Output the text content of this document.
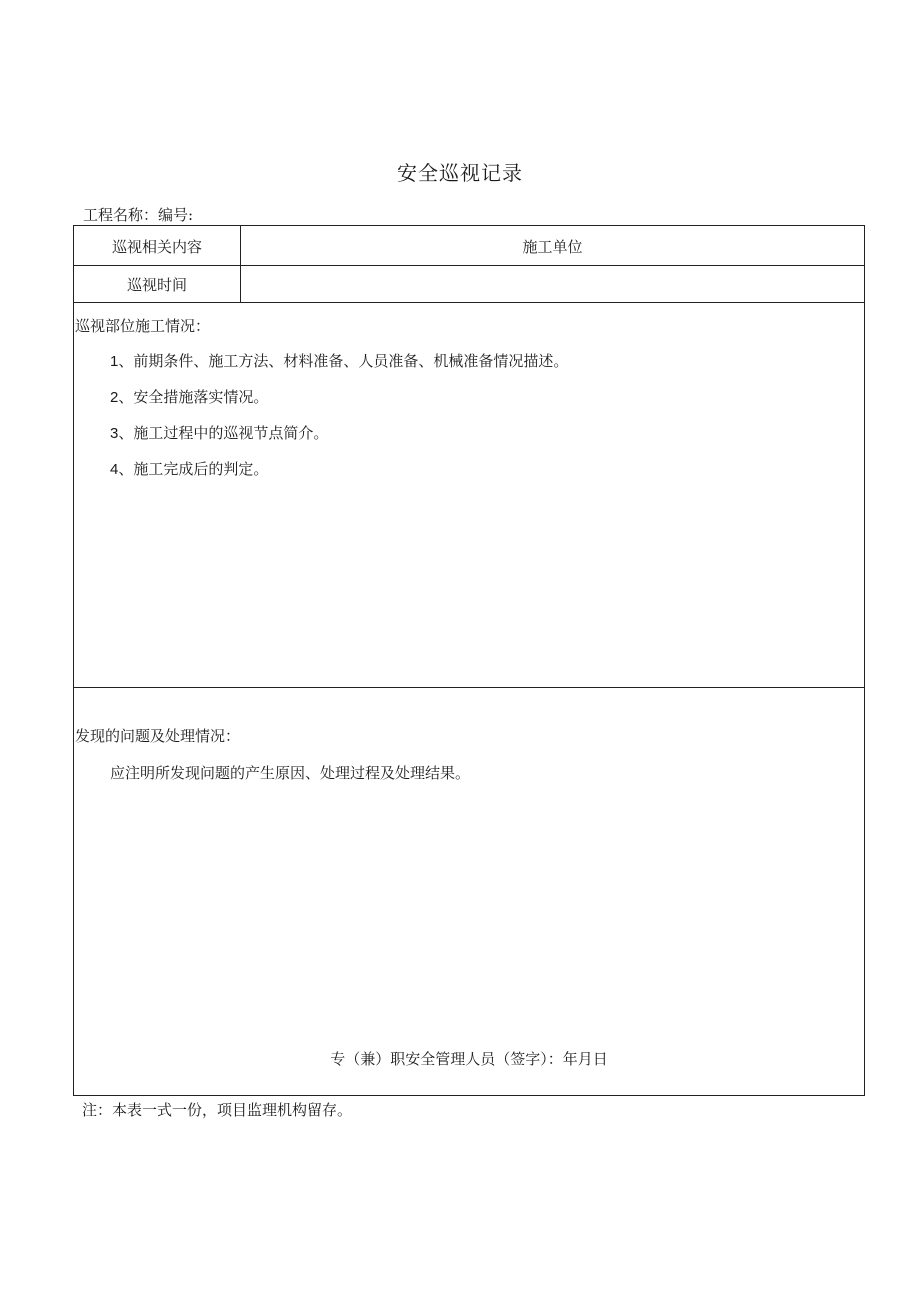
安全巡视记录
工程名称：编号:
巡视相关内容	施工单位
巡视时间
巡视部位施工情况：
1、前期条件、施工方法、材料准备、人员准备、机械准备情况描述。
2、安全措施落实情况。
3、施工过程中的巡视节点简介。
4、施工完成后的判定。
发现的问题及处理情况：
应注明所发现问题的产生原因、处理过程及处理结果。
专（兼）职安全管理人员（签字）：年月日
注：本表一式一份，项目监理机构留存。
